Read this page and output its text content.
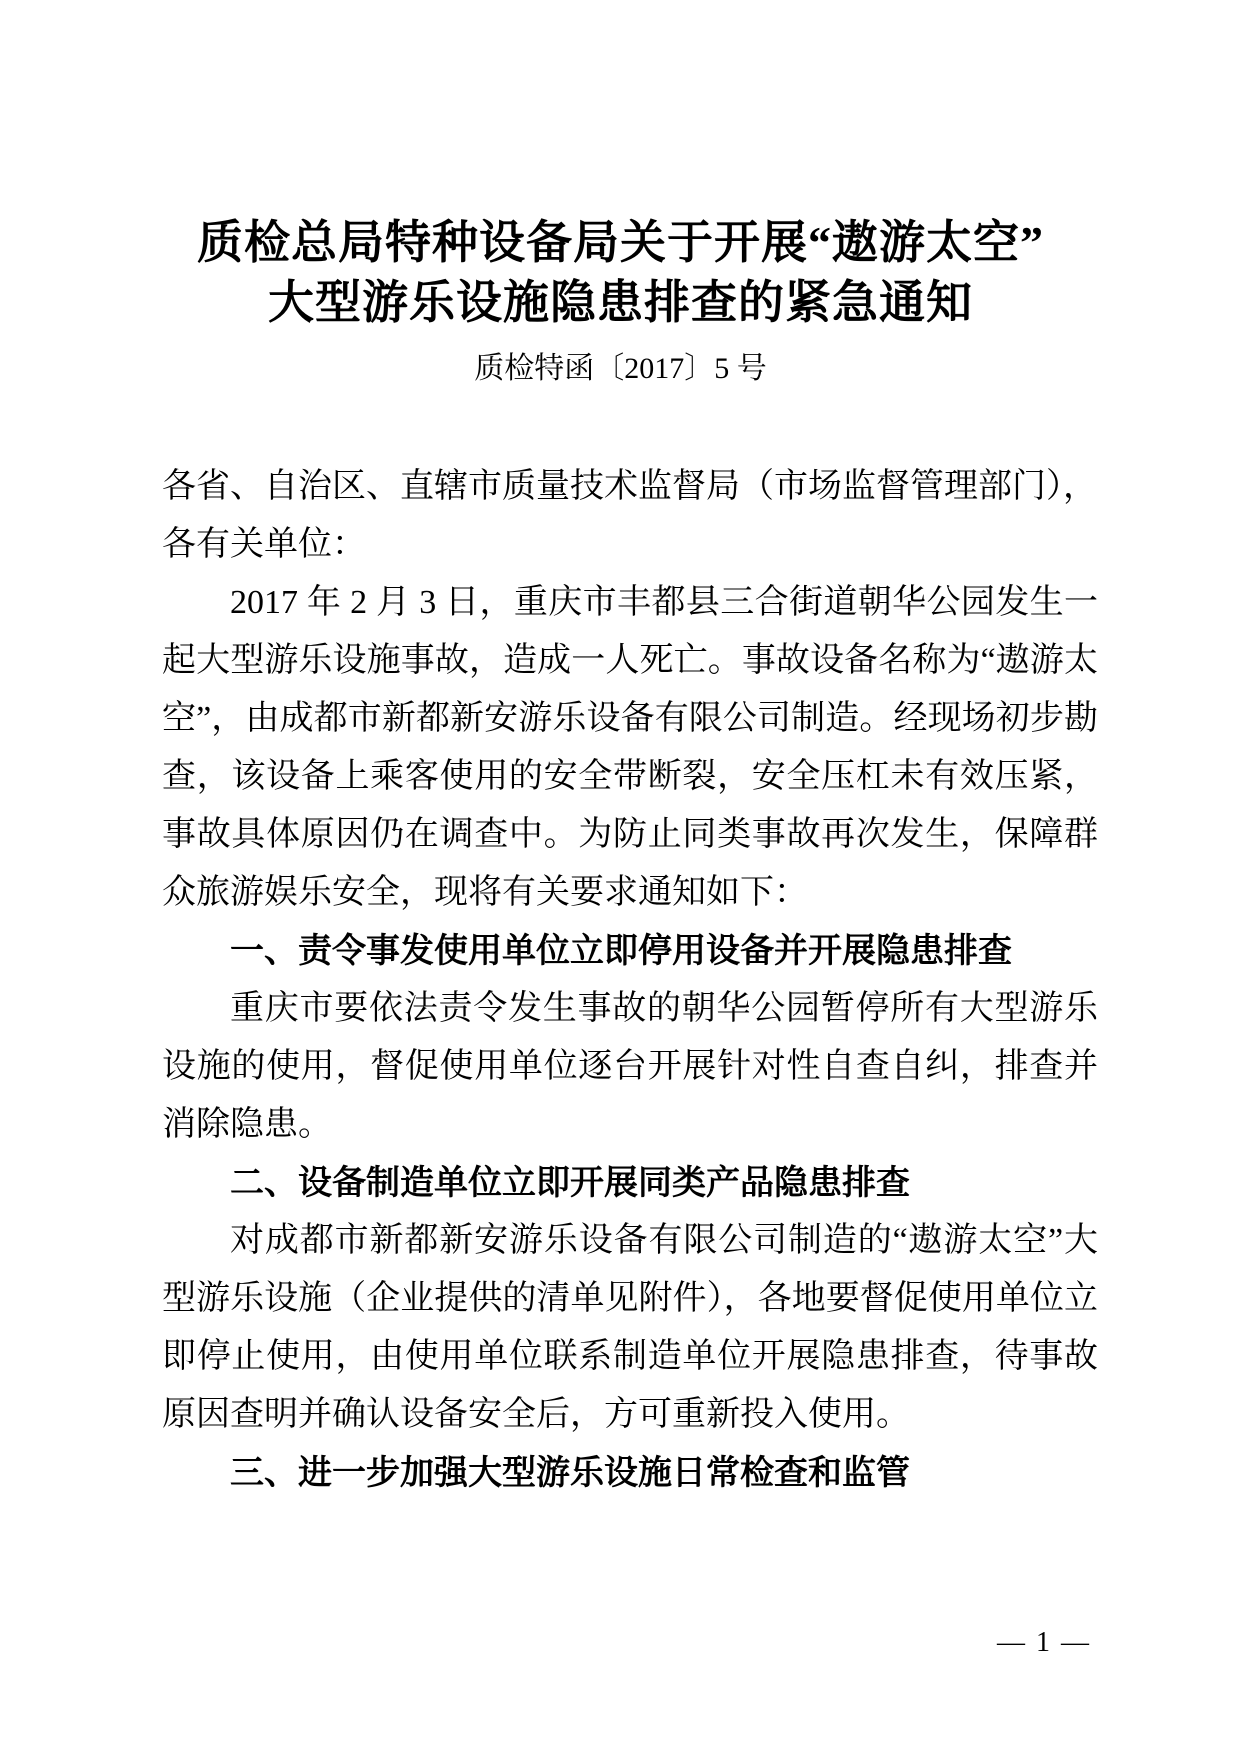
质检总局特种设备局关于开展“遨游太空”
大型游乐设施隐患排查的紧急通知
质检特函〔2017〕5 号

各省、自治区、直辖市质量技术监督局（市场监督管理部门），

各有关单位：

2017 年 2 月 3 日，重庆市丰都县三合街道朝华公园发生一起大型游乐设施事故，造成一人死亡。事故设备名称为“遨游太空”，由成都市新都新安游乐设备有限公司制造。经现场初步勘查，该设备上乘客使用的安全带断裂，安全压杠未有效压紧，事故具体原因仍在调查中。为防止同类事故再次发生，保障群众旅游娱乐安全，现将有关要求通知如下：

一、责令事发使用单位立即停用设备并开展隐患排查

重庆市要依法责令发生事故的朝华公园暂停所有大型游乐设施的使用，督促使用单位逐台开展针对性自查自纠，排查并消除隐患。

二、设备制造单位立即开展同类产品隐患排查

对成都市新都新安游乐设备有限公司制造的“遨游太空”大型游乐设施（企业提供的清单见附件），各地要督促使用单位立即停止使用，由使用单位联系制造单位开展隐患排查，待事故原因查明并确认设备安全后，方可重新投入使用。

三、进一步加强大型游乐设施日常检查和监管

— 1 —
